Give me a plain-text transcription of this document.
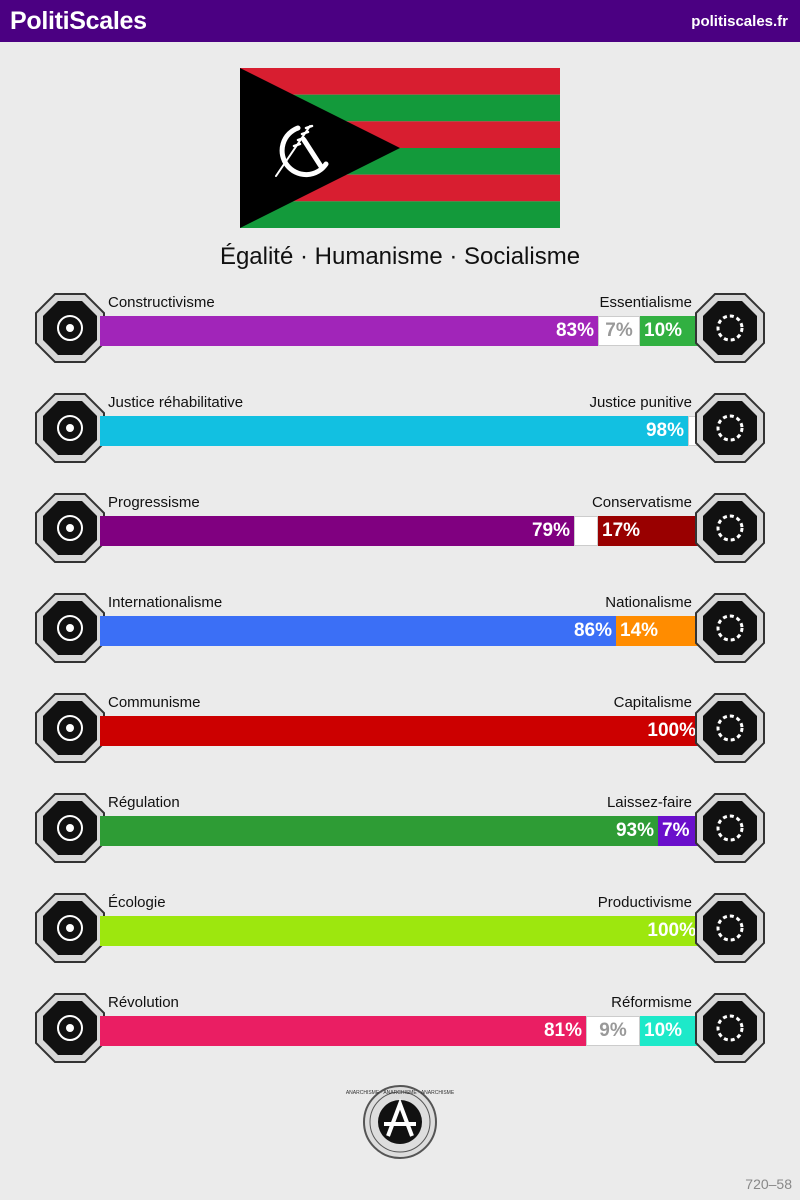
PolitiScales	politiscales.fr
Égalité · Humanisme · Socialisme
Constructivisme	Essentialisme
83% 7% 10%
Justice réhabilitative	Justice punitive
98%
Progressisme	Conservatisme
79% 17%
Internationalisme	Nationalisme
86% 14%
Communisme	Capitalisme
100%
Régulation	Laissez-faire
93% 7%
Écologie	Productivisme
100%
Révolution	Réformisme
81% 9% 10%
ANARCHISME · ANARCHISME · ANARCHISME
720–58
